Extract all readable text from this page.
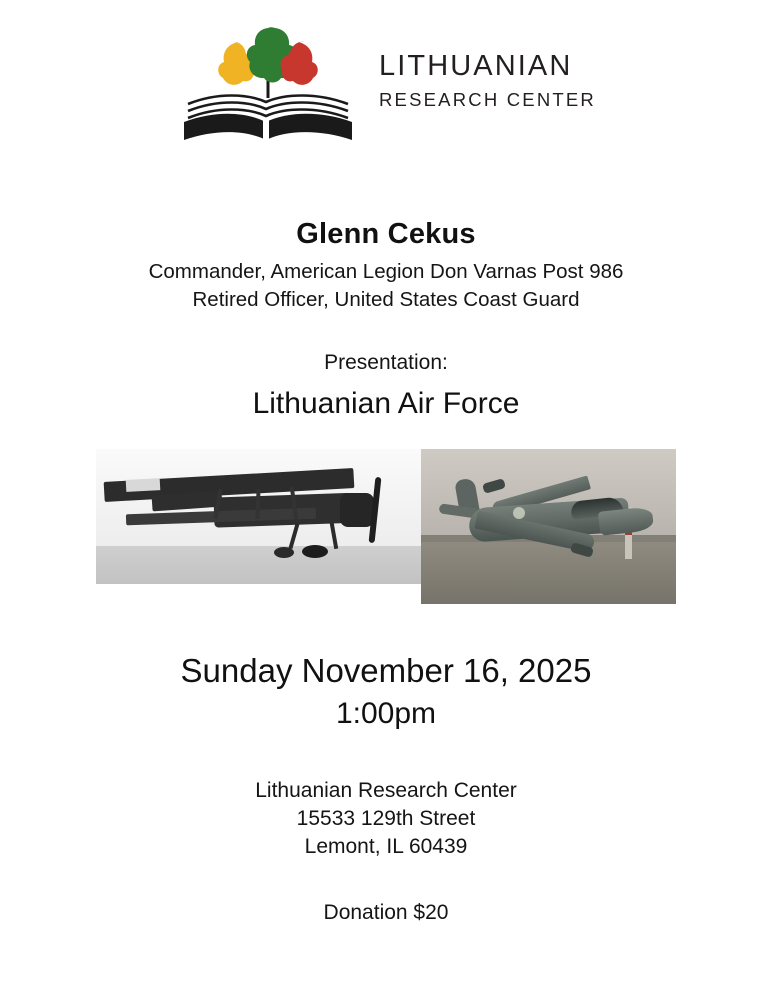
LITHUANIAN
RESEARCH CENTER
Glenn Cekus
Commander, American Legion Don Varnas Post 986
Retired Officer, United States Coast Guard
Presentation:
Lithuanian Air Force
Sunday November 16, 2025
1:00pm
Lithuanian Research Center
15533 129th Street
Lemont, IL 60439
Donation $20
